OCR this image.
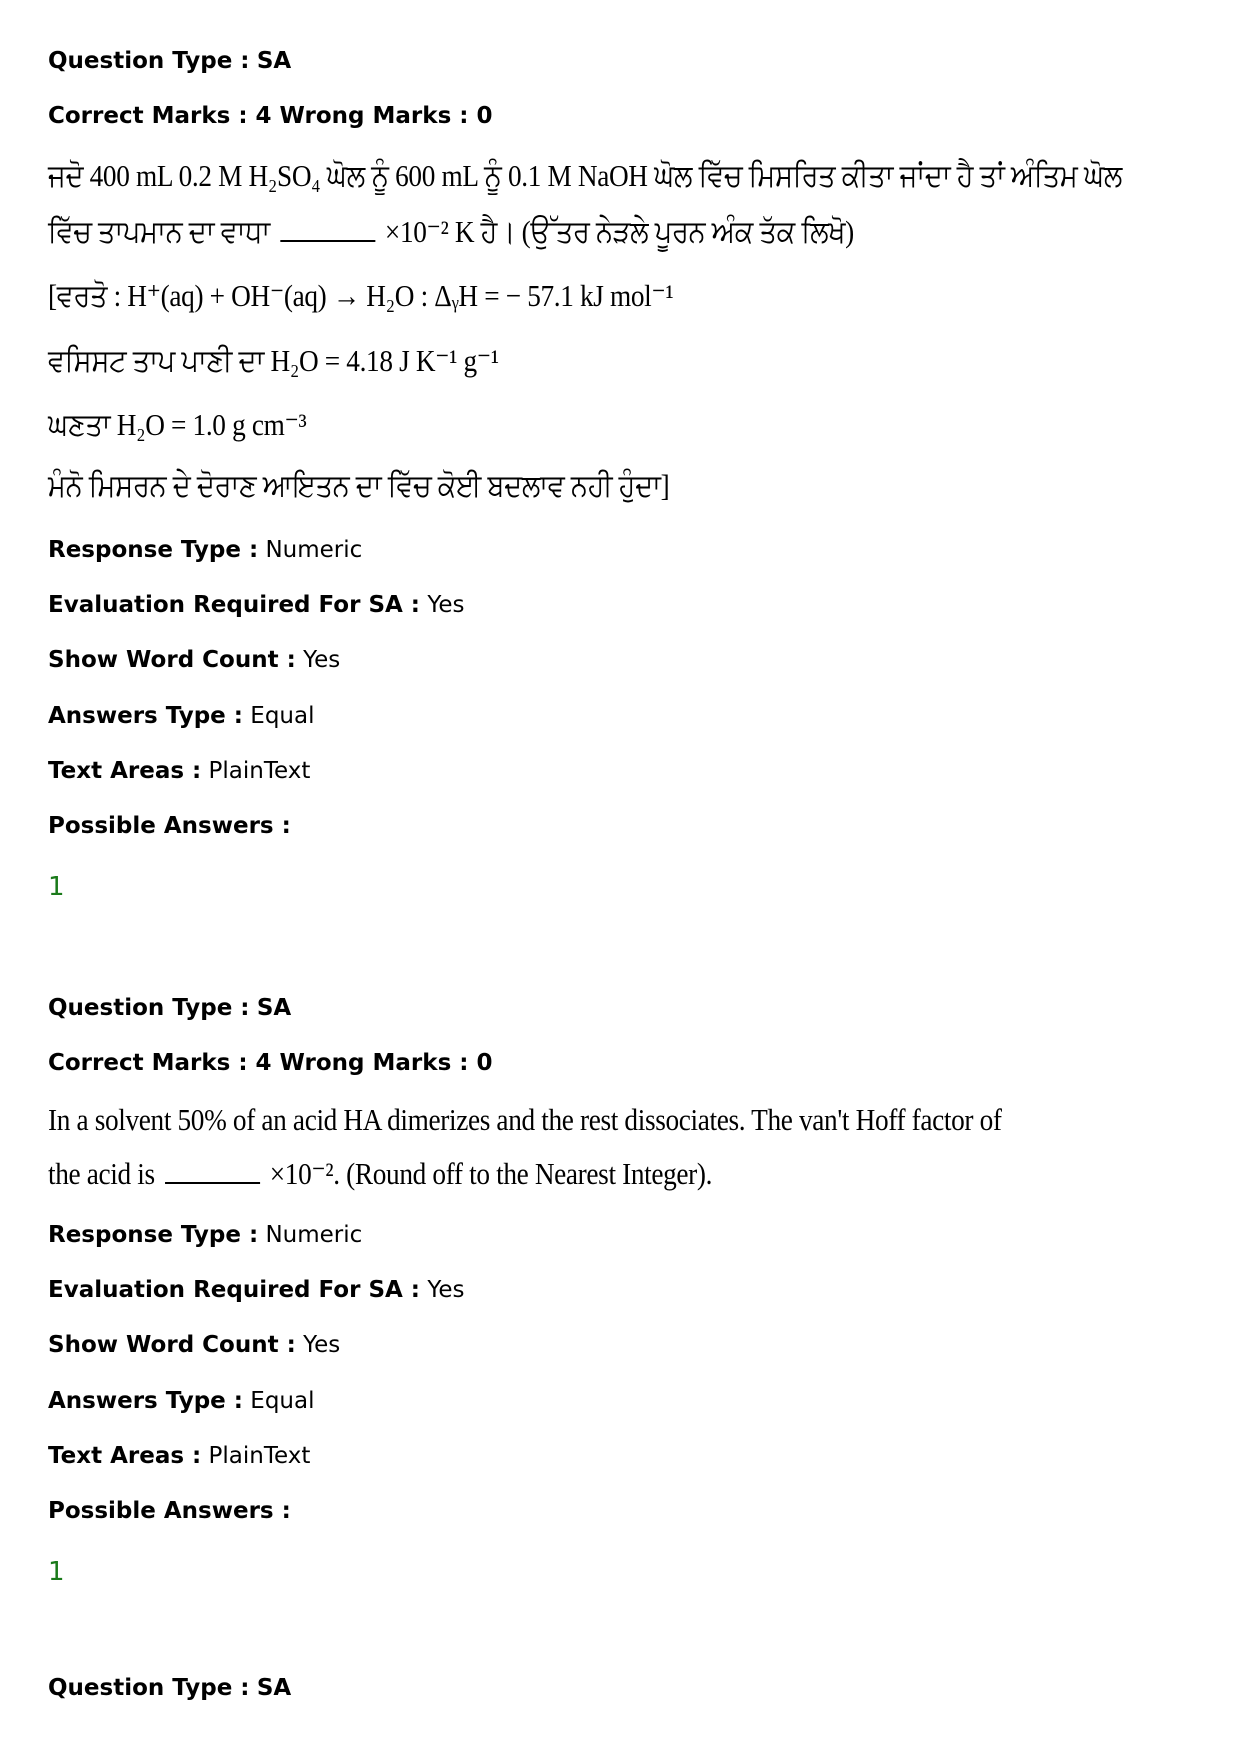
Question Type : SA
Correct Marks : 4 Wrong Marks : 0
ਜਦੋ 400 mL 0.2 M H₂SO₄ ਘੋਲ ਨੂੰ 600 mL ਨੂੰ 0.1 M NaOH ਘੋਲ ਵਿੱਚ ਮਿਸਰਿਤ ਕੀਤਾ ਜਾਂਦਾ ਹੈ ਤਾਂ ਅੰਤਿਮ ਘੋਲ
ਵਿੱਚ ਤਾਪਮਾਨ ਦਾ ਵਾਧਾ	×10⁻² K ਹੈ। (ਉੱਤਰ ਨੇੜਲੇ ਪੂਰਨ ਅੰਕ ਤੱਕ ਲਿਖੋ)
[ਵਰਤੋ : H⁺(aq) + OH⁻(aq) → H₂O : ΔᵧH = − 57.1 kJ mol⁻¹
ਵਸਿਸਟ ਤਾਪ ਪਾਣੀ ਦਾ H₂O = 4.18 J K⁻¹ g⁻¹
ਘਣਤਾ H₂O = 1.0 g cm⁻³
ਮੰਨੋ ਮਿਸਰਨ ਦੇ ਦੋਰਾਣ ਆਇਤਨ ਦਾ ਵਿੱਚ ਕੋਈ ਬਦਲਾਵ ਨਹੀ ਹੁੰਦਾ]
Response Type : Numeric
Evaluation Required For SA : Yes
Show Word Count : Yes
Answers Type : Equal
Text Areas : PlainText
Possible Answers :
1
Question Type : SA
Correct Marks : 4 Wrong Marks : 0
In a solvent 50% of an acid HA dimerizes and the rest dissociates. The van't Hoff factor of
the acid is	×10⁻². (Round off to the Nearest Integer).
Response Type : Numeric
Evaluation Required For SA : Yes
Show Word Count : Yes
Answers Type : Equal
Text Areas : PlainText
Possible Answers :
1
Question Type : SA
